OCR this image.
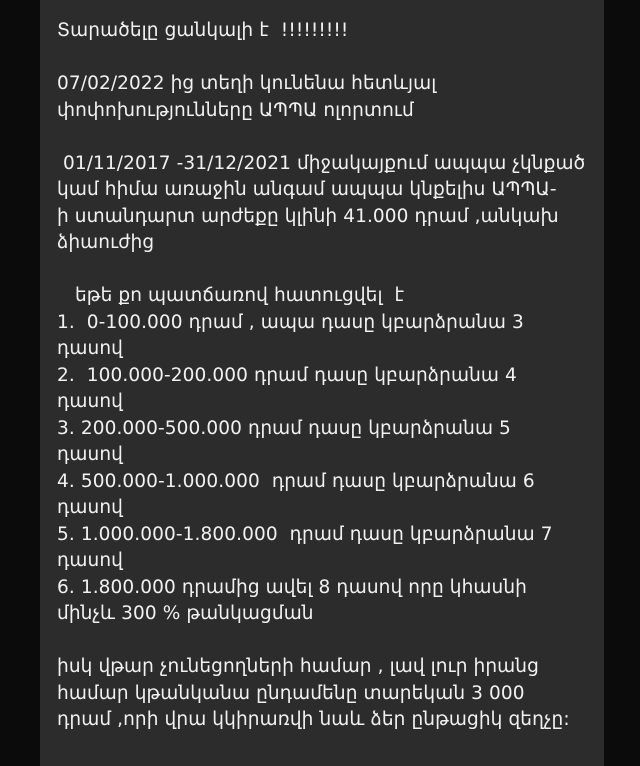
Տարածելը ցանկալի է  !!!!!!!!!
07/02/2022 ից տեղի կունենա հետևյալ
փոփոխությունները ԱՊՊԱ ոլորտում
01/11/2017 -31/12/2021 միջակայքում ապպա չկնքած
կամ հիմա առաջին անգամ ապպա կնքելիս ԱՊՊԱ-
ի ստանդարտ արժեքը կլինի 41.000 դրամ ,անկախ
ձիաուժից
եթե քո պատճառով հատուցվել  է
1.  0-100.000 դրամ , ապա դասը կբարձրանա 3
դասով
2.  100.000-200.000 դրամ դասը կբարձրանա 4
դասով
3. 200.000-500.000 դրամ դասը կբարձրանա 5
դասով
4. 500.000-1.000.000  դրամ դասը կբարձրանա 6
դասով
5. 1.000.000-1.800.000  դրամ դասը կբարձրանա 7
դասով
6. 1.800.000 դրամից ավել 8 դասով որը կհասնի
մինչև 300 % թանկացման
իսկ վթար չունեցողների համար , լավ լուր իրանց
համար կթանկանա ընդամենը տարեկան 3 000
դրամ ,որի վրա կկիրառվի նաև ձեր ընթացիկ զեղչը:
